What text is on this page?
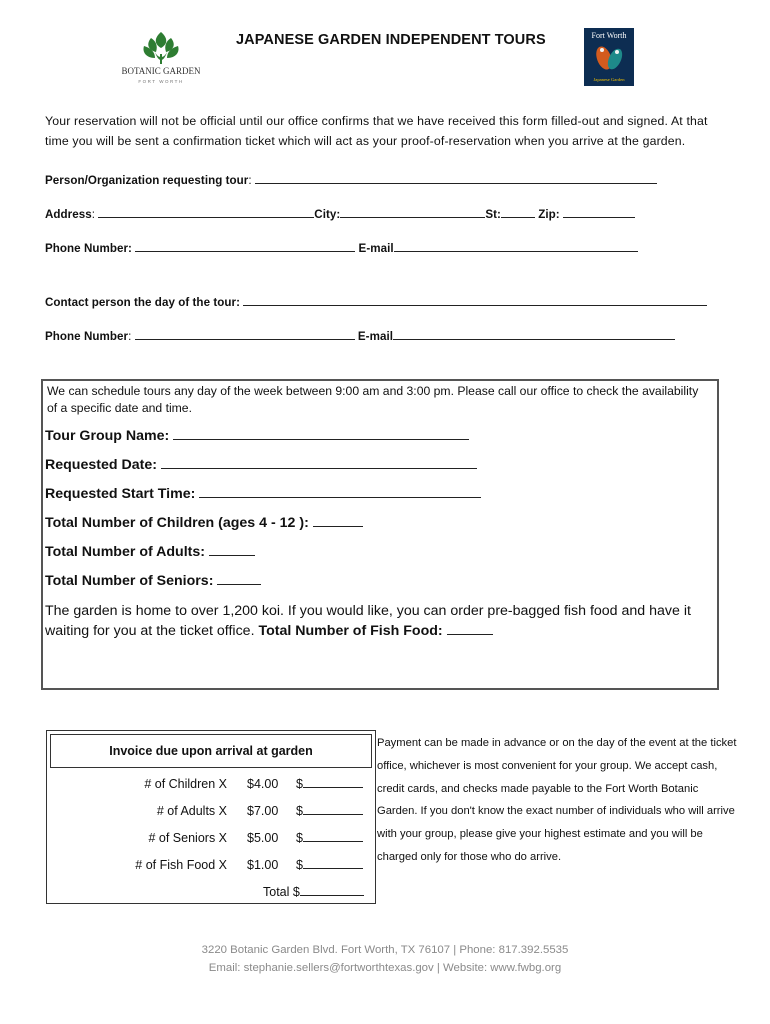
BOTANIC GARDEN
FORT WORTH
JAPANESE GARDEN INDEPENDENT TOURS	Fort Worth
Japanese Garden
Your reservation will not be official until our office confirms that we have received this form filled-out and signed. At that time you will be sent a confirmation ticket which will act as your proof-of-reservation when you arrive at the garden.
Person/Organization requesting tour:
Address:	City:	St:	Zip:
Phone Number:	E-mail
Contact person the day of the tour:
Phone Number:	E-mail
We can schedule tours any day of the week between 9:00 am and 3:00 pm. Please call our office to check the availability of a specific date and time.
Tour Group Name:
Requested Date:
Requested Start Time:
Total Number of Children (ages 4 - 12 ):
Total Number of Adults:
Total Number of Seniors:
The garden is home to over 1,200 koi. If you would like, you can order pre-bagged fish food and have it waiting for you at the ticket office. Total Number of Fish Food:
Invoice due upon arrival at garden
# of Children X $4.00 $
# of Adults X $7.00 $
# of Seniors X $5.00 $
# of Fish Food X $1.00 $
Total $
Payment can be made in advance or on the day of the event at the ticket office, whichever is most convenient for your group. We accept cash, credit cards, and checks made payable to the Fort Worth Botanic Garden. If you don't know the exact number of individuals who will arrive with your group, please give your highest estimate and you will be charged only for those who do arrive.
3220 Botanic Garden Blvd. Fort Worth, TX 76107 | Phone: 817.392.5535
Email: stephanie.sellers@fortworthtexas.gov | Website: www.fwbg.org
